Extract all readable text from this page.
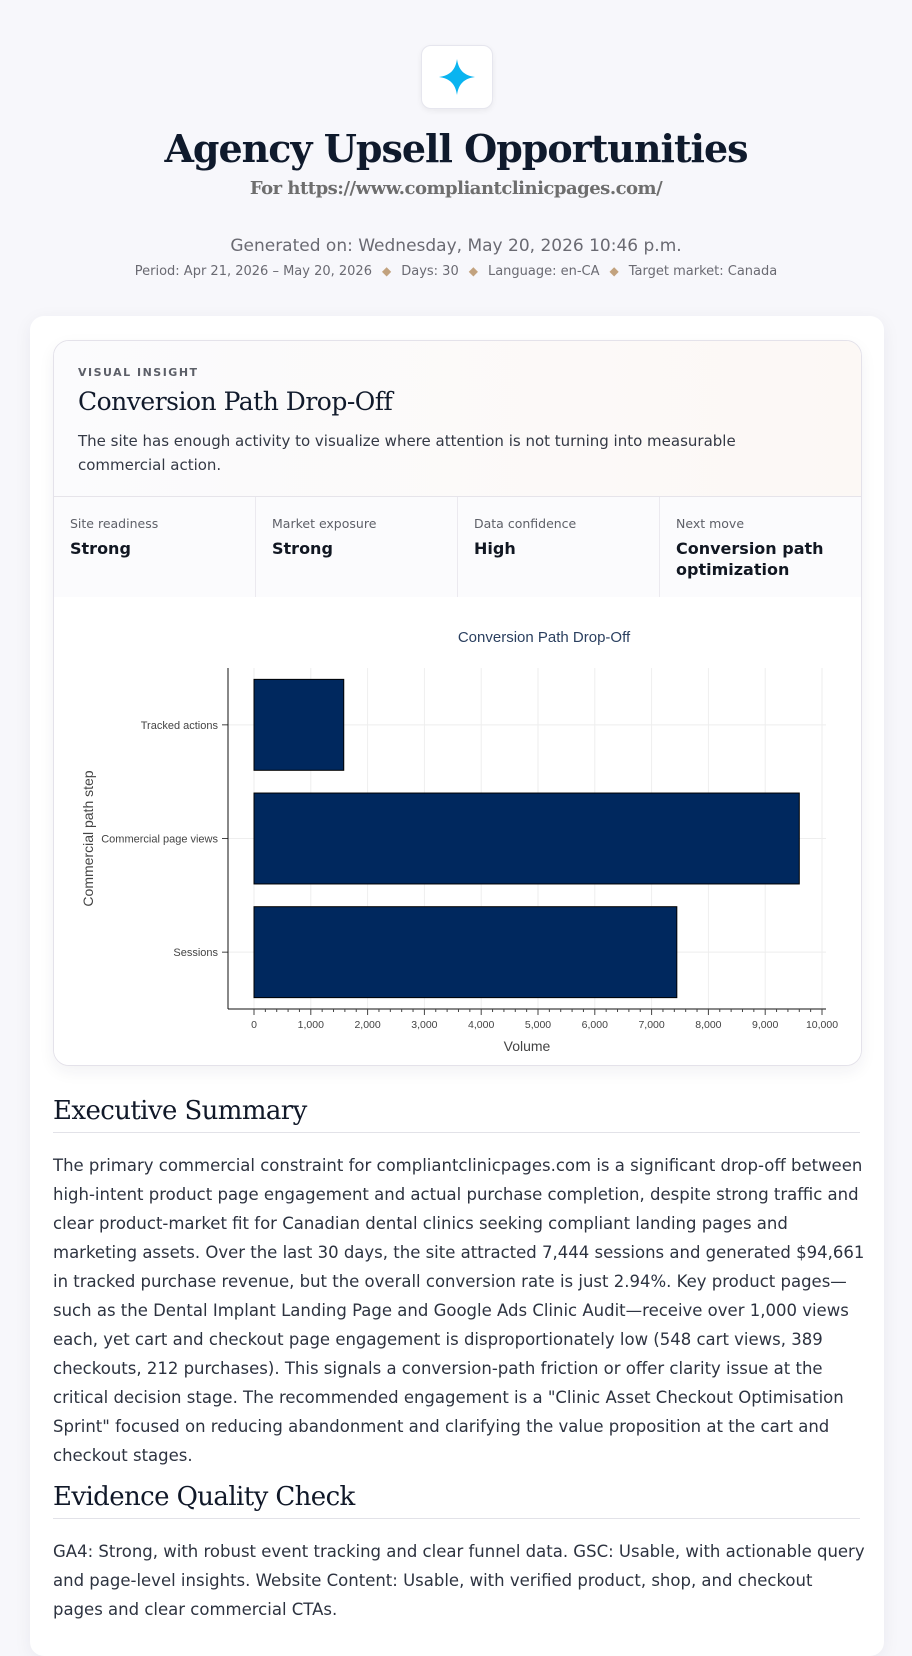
Agency Upsell Opportunities
For https://www.compliantclinicpages.com/
Generated on: Wednesday, May 20, 2026 10:46 p.m.
Period: Apr 21, 2026 – May 20, 2026 ◆ Days: 30 ◆ Language: en-CA ◆ Target market: Canada
VISUAL INSIGHT
Conversion Path Drop-Off
The site has enough activity to visualize where attention is not turning into measurable commercial action.
Site readiness
Strong
Market exposure
Strong
Data confidence
High
Next move
Conversion path optimization
Conversion Path Drop-Off
Sessions
Commercial page views
Tracked actions
0	1,000	2,000	3,000	4,000	5,000	6,000	7,000	8,000	9,000	10,000
Volume
Commercial path step
Executive Summary

The primary commercial constraint for compliantclinicpages.com is a significant drop-off between high-intent product page engagement and actual purchase completion, despite strong traffic and clear product-market fit for Canadian dental clinics seeking compliant landing pages and marketing assets. Over the last 30 days, the site attracted 7,444 sessions and generated $94,661 in tracked purchase revenue, but the overall conversion rate is just 2.94%. Key product pages—such as the Dental Implant Landing Page and Google Ads Clinic Audit—receive over 1,000 views each, yet cart and checkout page engagement is disproportionately low (548 cart views, 389 checkouts, 212 purchases). This signals a conversion-path friction or offer clarity issue at the critical decision stage. The recommended engagement is a "Clinic Asset Checkout Optimisation Sprint" focused on reducing abandonment and clarifying the value proposition at the cart and checkout stages.

Evidence Quality Check

GA4: Strong, with robust event tracking and clear funnel data. GSC: Usable, with actionable query and page-level insights. Website Content: Usable, with verified product, shop, and checkout pages and clear commercial CTAs.
